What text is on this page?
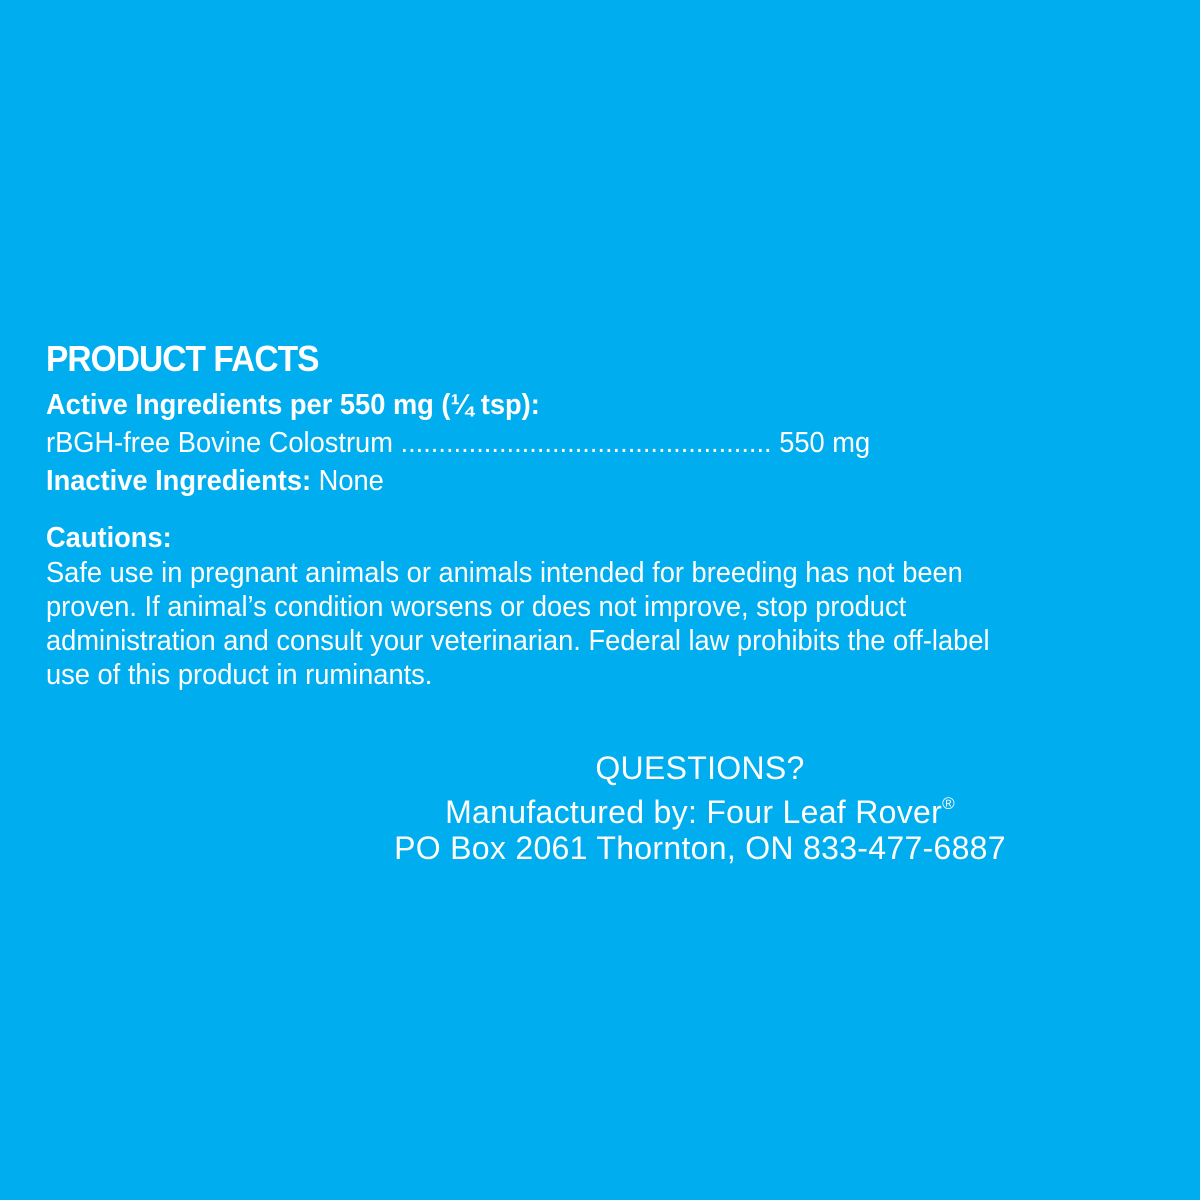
PRODUCT FACTS

Active Ingredients per 550 mg (¼ tsp):

rBGH-free Bovine Colostrum ................................................. 550 mg

Inactive Ingredients: None

Cautions:

Safe use in pregnant animals or animals intended for breeding has not been
proven. If animal’s condition worsens or does not improve, stop product
administration and consult your veterinarian. Federal law prohibits the off-label
use of this product in ruminants.
QUESTIONS?
Manufactured by: Four Leaf Rover®
PO Box 2061 Thornton, ON 833-477-6887
